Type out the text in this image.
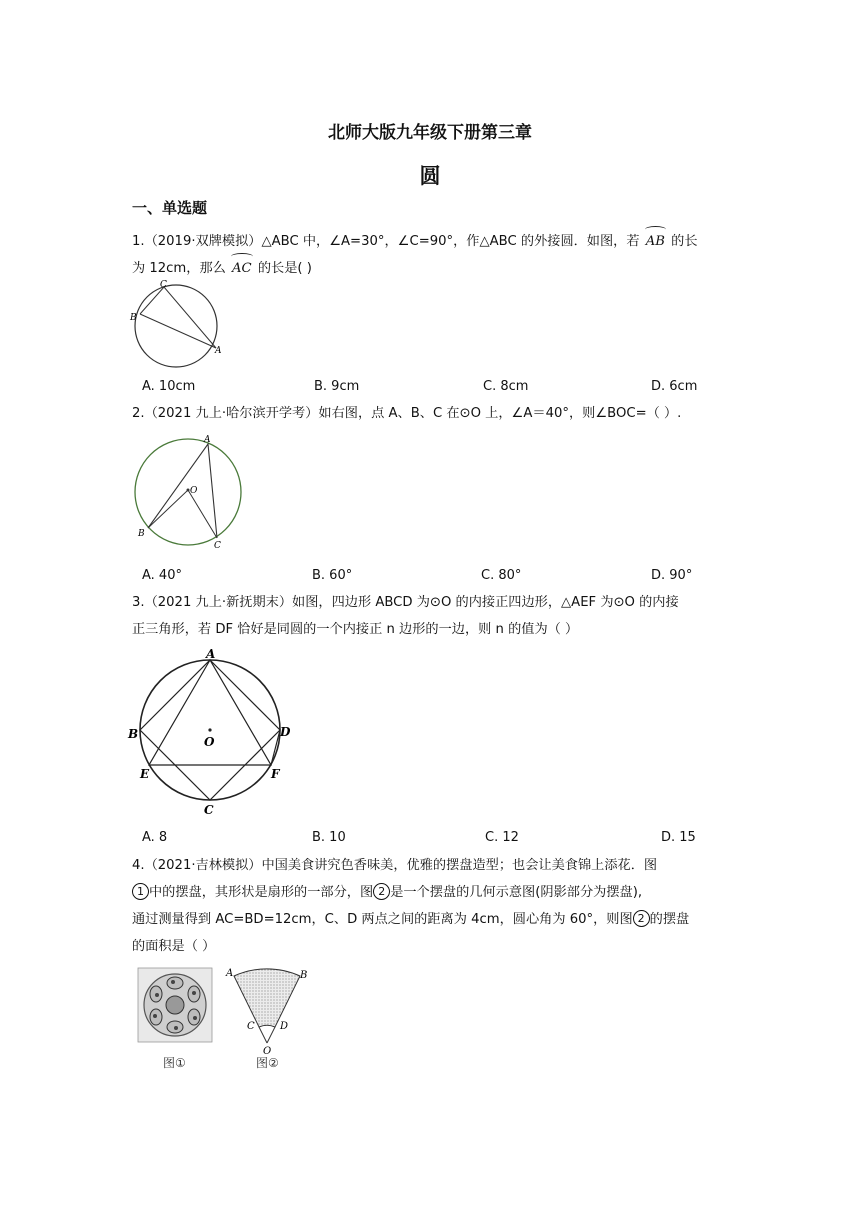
北师大版九年级下册第三章
圆
一、单选题
1.（2019·双牌模拟）△ABC 中，∠A=30°，∠C=90°，作△ABC 的外接圆．如图，若 AB 的长
为 12cm，那么 AC 的长是( )
C
B
A
A. 10cm	B. 9cm	C. 8cm	D. 6cm
2.（2021 九上·哈尔滨开学考）如右图，点 A、B、C 在⊙O 上，∠A＝40°，则∠BOC=（ ）.
A
O
B
C
A. 40°	B. 60°	C. 80°	D. 90°
3.（2021 九上·新抚期末）如图，四边形 ABCD 为⊙O 的内接正四边形，△AEF 为⊙O 的内接
正三角形，若 DF 恰好是同圆的一个内接正 n 边形的一边，则 n 的值为（ ）
A
B	D
O
E	F
C
A. 8	B. 10	C. 12	D. 15
4.（2021·吉林模拟）中国美食讲究色香味美，优雅的摆盘造型；也会让美食锦上添花．图
1 中的摆盘，其形状是扇形的一部分，图 2 是一个摆盘的几何示意图(阴影部分为摆盘),
通过测量得到 AC=BD=12cm，C、D 两点之间的距离为 4cm，圆心角为 60°，则图 2 的摆盘
的面积是（ ）
图①
A	B
C	D
O
图②
